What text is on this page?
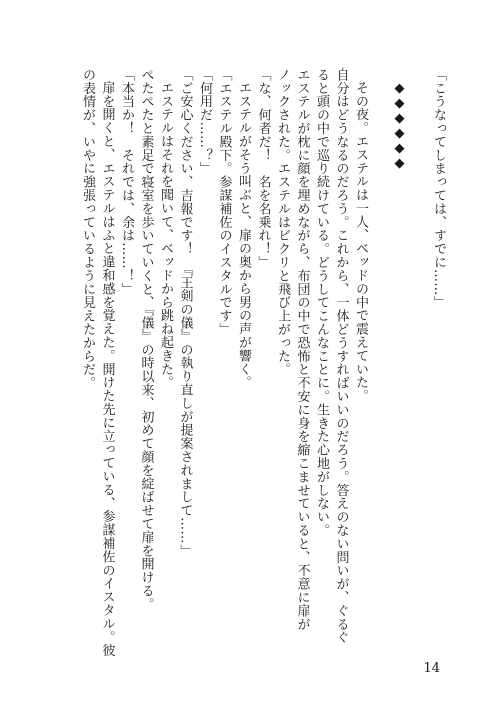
「こうなってしまっては、すでに……」
◆◆◆◆◆◆
その夜。エステルは一人、ベッドの中で震えていた。
自分はどうなるのだろう。これから、一体どうすればいいのだろう。答えのない問いが、ぐるぐ
ると頭の中で巡り続けている。どうしてこんなことに。生きた心地がしない。
エステルが枕に顔を埋めながら、布団の中で恐怖と不安に身を縮こませていると、不意に扉が
ノックされた。エステルはビクリと飛び上がった。
「な、何者だ！　名を名乗れ！」
エステルがそう叫ぶと、扉の奥から男の声が響く。
「エステル殿下。参謀補佐のイスタルです」
「何用だ……？」
「ご安心ください、吉報です！　『王剣の儀』の執り直しが提案されまして……」
エステルはそれを聞いて、ベッドから跳ね起きた。
ぺたぺたと素足で寝室を歩いていくと、『儀』の時以来、初めて顔を綻ばせて扉を開ける。
「本当か！　それでは、余は……！」
扉を開くと、エステルはふと違和感を覚えた。開けた先に立っている、参謀補佐のイスタル。彼
の表情が、いやに強張っているように見えたからだ。
14
